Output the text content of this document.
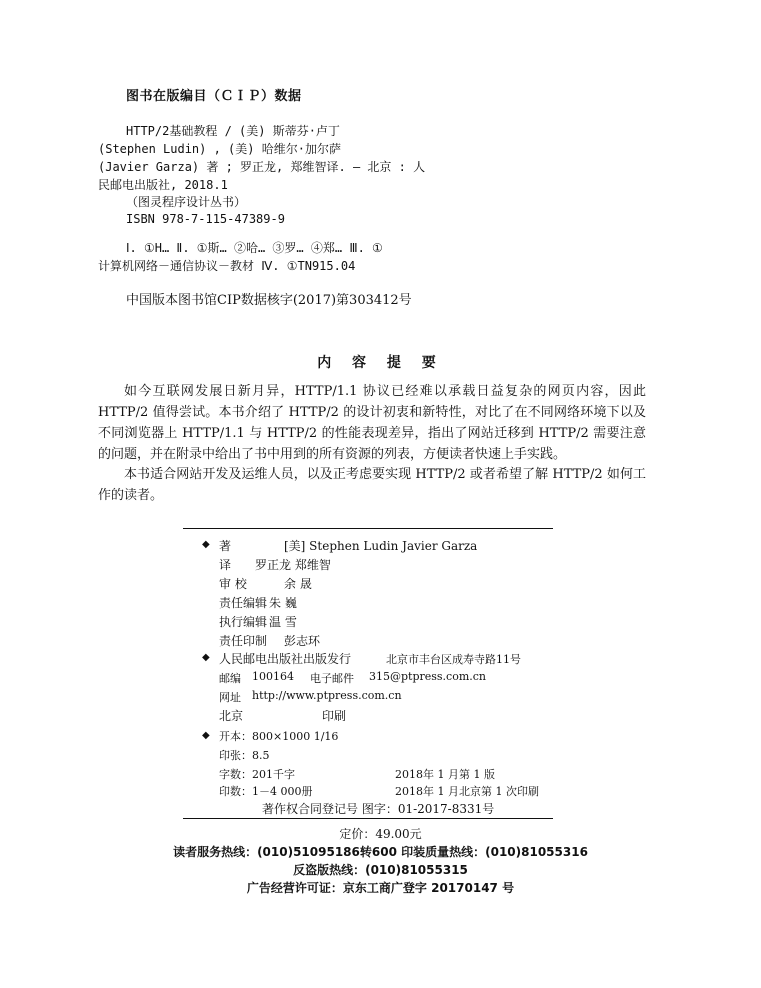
图书在版编目（ＣＩＰ）数据
HTTP/2基础教程 / (美) 斯蒂芬·卢丁
(Stephen Ludin) , (美) 哈维尔·加尔萨
(Javier Garza) 著 ; 罗正龙, 郑维智译. — 北京 : 人
民邮电出版社, 2018.1
（图灵程序设计丛书）
ISBN 978-7-115-47389-9
Ⅰ. ①H… Ⅱ. ①斯… ②哈… ③罗… ④郑… Ⅲ. ①
计算机网络－通信协议－教材 Ⅳ. ①TN915.04
中国版本图书馆CIP数据核字(2017)第303412号
内 容 提 要
如今互联网发展日新月异，HTTP/1.1 协议已经难以承载日益复杂的网页内容，因此 HTTP/2 值得尝试。本书介绍了 HTTP/2 的设计初衷和新特性，对比了在不同网络环境下以及不同浏览器上 HTTP/1.1 与 HTTP/2 的性能表现差异，指出了网站迁移到 HTTP/2 需要注意的问题，并在附录中给出了书中用到的所有资源的列表，方便读者快速上手实践。
本书适合网站开发及运维人员，以及正考虑要实现 HTTP/2 或者希望了解 HTTP/2 如何工作的读者。
◆ 著	[美] Stephen Ludin Javier Garza
译 罗正龙 郑维智
审 校	余 晟
责任编辑 朱 巍
执行编辑 温 雪
责任印制 彭志环
◆ 人民邮电出版社出版发行	北京市丰台区成寿寺路11号
邮编 100164 电子邮件 315@ptpress.com.cn
网址 http://www.ptpress.com.cn
北京	印刷
◆ 开本：800×1000 1/16
印张：8.5
字数：201千字	2018年 1 月第 1 版
印数：1－4 000册	2018年 1 月北京第 1 次印刷
著作权合同登记号 图字：01-2017-8331号
定价：49.00元
读者服务热线：(010)51095186转600 印装质量热线：(010)81055316
反盗版热线：(010)81055315
广告经营许可证：京东工商广登字 20170147 号
